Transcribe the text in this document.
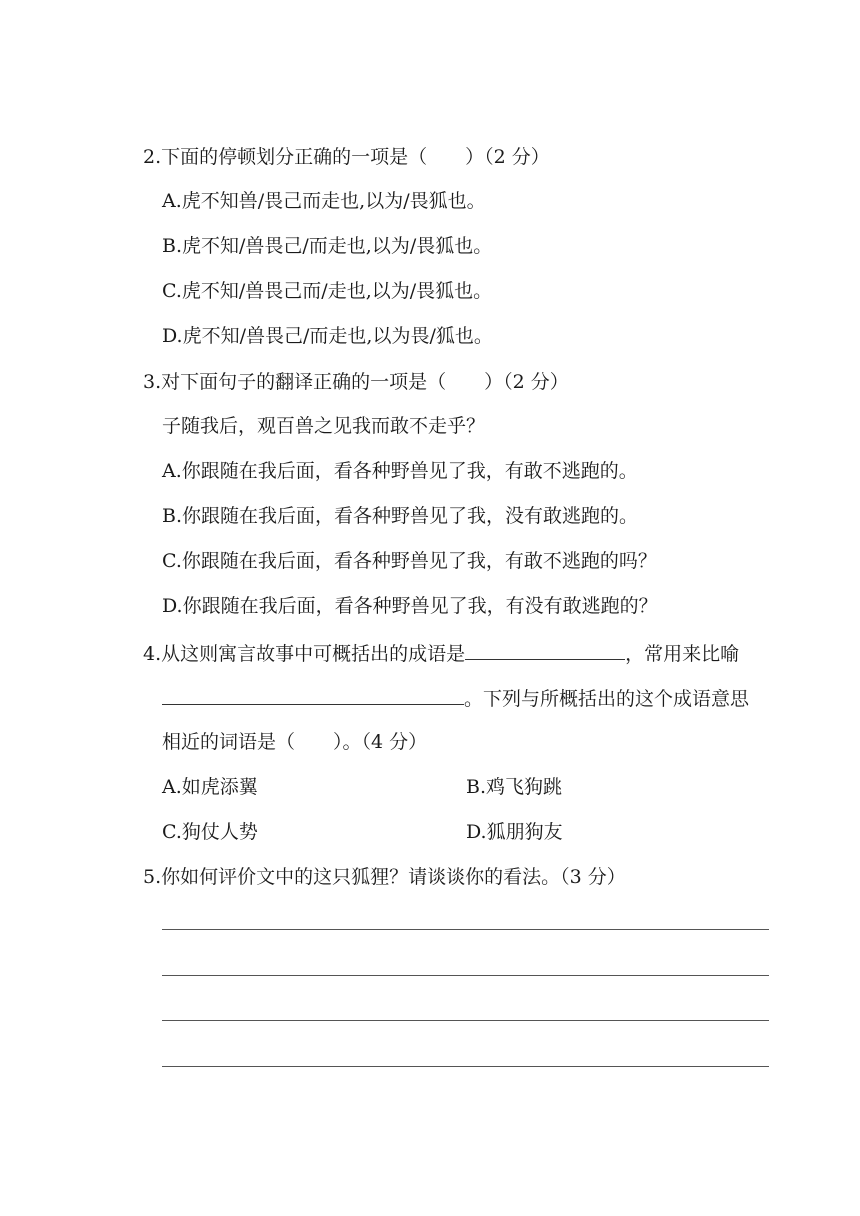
2.下面的停顿划分正确的一项是（　　）（2 分）
A.虎不知兽/畏己而走也,以为/畏狐也。
B.虎不知/兽畏己/而走也,以为/畏狐也。
C.虎不知/兽畏己而/走也,以为/畏狐也。
D.虎不知/兽畏己/而走也,以为畏/狐也。
3.对下面句子的翻译正确的一项是（　　）（2 分）
子随我后，观百兽之见我而敢不走乎？
A.你跟随在我后面，看各种野兽见了我，有敢不逃跑的。
B.你跟随在我后面，看各种野兽见了我，没有敢逃跑的。
C.你跟随在我后面，看各种野兽见了我，有敢不逃跑的吗？
D.你跟随在我后面，看各种野兽见了我，有没有敢逃跑的？
4.从这则寓言故事中可概括出的成语是	，常用来比喻
。下列与所概括出的这个成语意思
相近的词语是（　　）。（4 分）
A.如虎添翼	B.鸡飞狗跳
C.狗仗人势	D.狐朋狗友
5.你如何评价文中的这只狐狸？请谈谈你的看法。（3 分）
